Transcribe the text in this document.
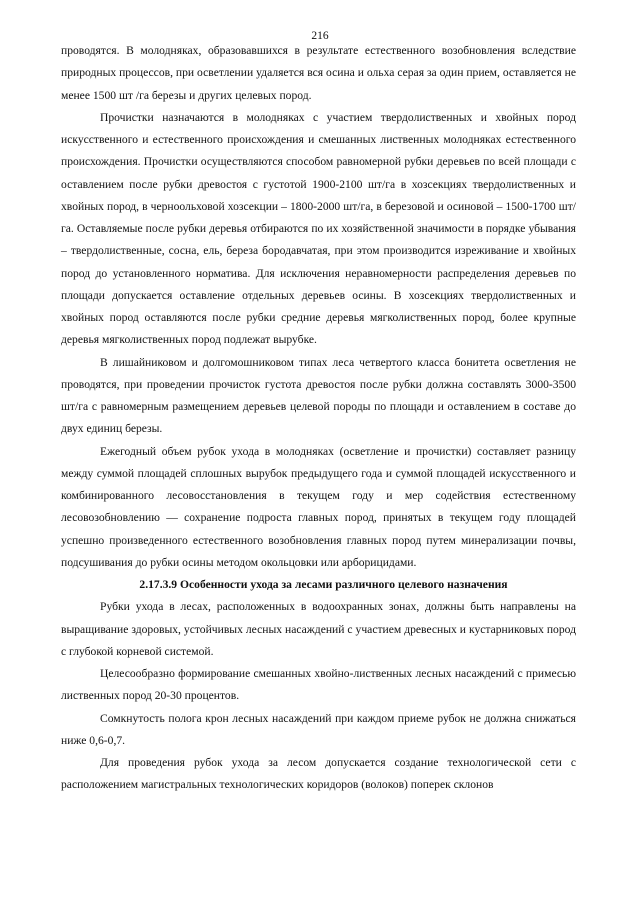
216

проводятся. В молодняках, образовавшихся в результате естественного возобновления вследствие природных процессов, при осветлении удаляется вся осина и ольха серая за один прием, оставляется не менее 1500 шт /га березы и других целевых пород.

Прочистки назначаются в молодняках с участием твердолиственных и хвойных пород искусственного и естественного происхождения и смешанных лиственных молодняках естественного происхождения. Прочистки осуществляются способом равномерной рубки деревьев по всей площади с оставлением после рубки древостоя с густотой 1900-2100 шт/га в хозсекциях твердолиственных и хвойных пород, в черноольховой хозсекции – 1800-2000 шт/га, в березовой и осиновой – 1500-1700 шт/га. Оставляемые после рубки деревья отбираются по их хозяйственной значимости в порядке убывания – твердолиственные, сосна, ель, береза бородавчатая, при этом производится изреживание и хвойных пород до установленного норматива. Для исключения неравномерности распределения деревьев по площади допускается оставление отдельных деревьев осины. В хозсекциях твердолиственных и хвойных пород оставляются после рубки средние деревья мягколиственных пород, более крупные деревья мягколиственных пород подлежат вырубке.

В лишайниковом и долгомошниковом типах леса четвертого класса бонитета осветления не проводятся, при проведении прочисток густота древостоя после рубки должна составлять 3000-3500 шт/га с равномерным размещением деревьев целевой породы по площади и оставлением в составе до двух единиц березы.

Ежегодный объем рубок ухода в молодняках (осветление и прочистки) составляет разницу между суммой площадей сплошных вырубок предыдущего года и суммой площадей искусственного и комбинированного лесовосстановления в текущем году и мер содействия естественному лесовозобновлению — сохранение подроста главных пород, принятых в текущем году площадей успешно произведенного естественного возобновления главных пород путем минерализации почвы, подсушивания до рубки осины методом окольцовки или арборицидами.

2.17.3.9 Особенности ухода за лесами различного целевого назначения

Рубки ухода в лесах, расположенных в водоохранных зонах, должны быть направлены на выращивание здоровых, устойчивых лесных насаждений с участием древесных и кустарниковых пород с глубокой корневой системой.

Целесообразно формирование смешанных хвойно-лиственных лесных насаждений с примесью лиственных пород 20-30 процентов.

Сомкнутость полога крон лесных насаждений при каждом приеме рубок не должна снижаться ниже 0,6-0,7.

Для проведения рубок ухода за лесом допускается создание технологической сети с расположением магистральных технологических коридоров (волоков) поперек склонов
